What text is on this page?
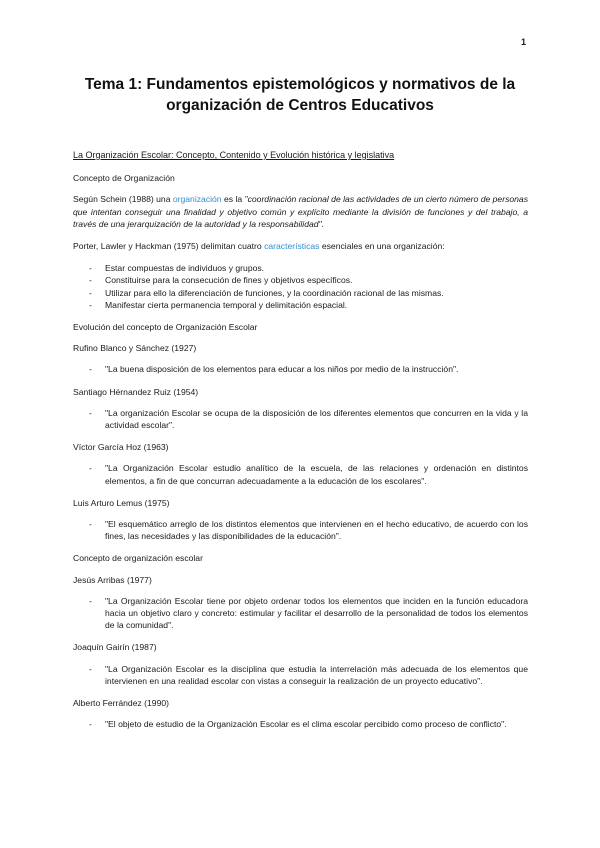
1
Tema 1: Fundamentos epistemológicos y normativos de la organización de Centros Educativos
La Organización Escolar: Concepto, Contenido y Evolución histórica y legislativa
Concepto de Organización

Según Schein (1988) una organización es la "coordinación racional de las actividades de un cierto número de personas que intentan conseguir una finalidad y objetivo común y explícito mediante la división de funciones y del trabajo, a través de una jerarquización de la autoridad y la responsabilidad".

Porter, Lawler y Hackman (1975) delimitan cuatro características esenciales en una organización:

- Estar compuestas de individuos y grupos.
- Constituirse para la consecución de fines y objetivos específicos.
- Utilizar para ello la diferenciación de funciones, y la coordinación racional de las mismas.
- Manifestar cierta permanencia temporal y delimitación espacial.
Evolución del concepto de Organización Escolar
Rufino Blanco y Sánchez (1927)
- "La buena disposición de los elementos para educar a los niños por medio de la instrucción".
Santiago Hérnandez Ruiz (1954)
- "La organización Escolar se ocupa de la disposición de los diferentes elementos que concurren en la vida y la actividad escolar".
Víctor García Hoz (1963)
- "La Organización Escolar estudio analítico de la escuela, de las relaciones y ordenación en distintos elementos, a fin de que concurran adecuadamente a la educación de los escolares".
Luis Arturo Lemus (1975)
- "El esquemático arreglo de los distintos elementos que intervienen en el hecho educativo, de acuerdo con los fines, las necesidades y las disponibilidades de la educación".
Concepto de organización escolar
Jesús Arribas (1977)
- "La Organización Escolar tiene por objeto ordenar todos los elementos que inciden en la función educadora hacia un objetivo claro y concreto: estimular y facilitar el desarrollo de la personalidad de todos los elementos de la comunidad".
Joaquín Gairín (1987)
- "La Organización Escolar es la disciplina que estudia la interrelación más adecuada de los elementos que intervienen en una realidad escolar con vistas a conseguir la realización de un proyecto educativo".
Alberto Ferrández (1990)
- "El objeto de estudio de la Organización Escolar es el clima escolar percibido como proceso de conflicto".
